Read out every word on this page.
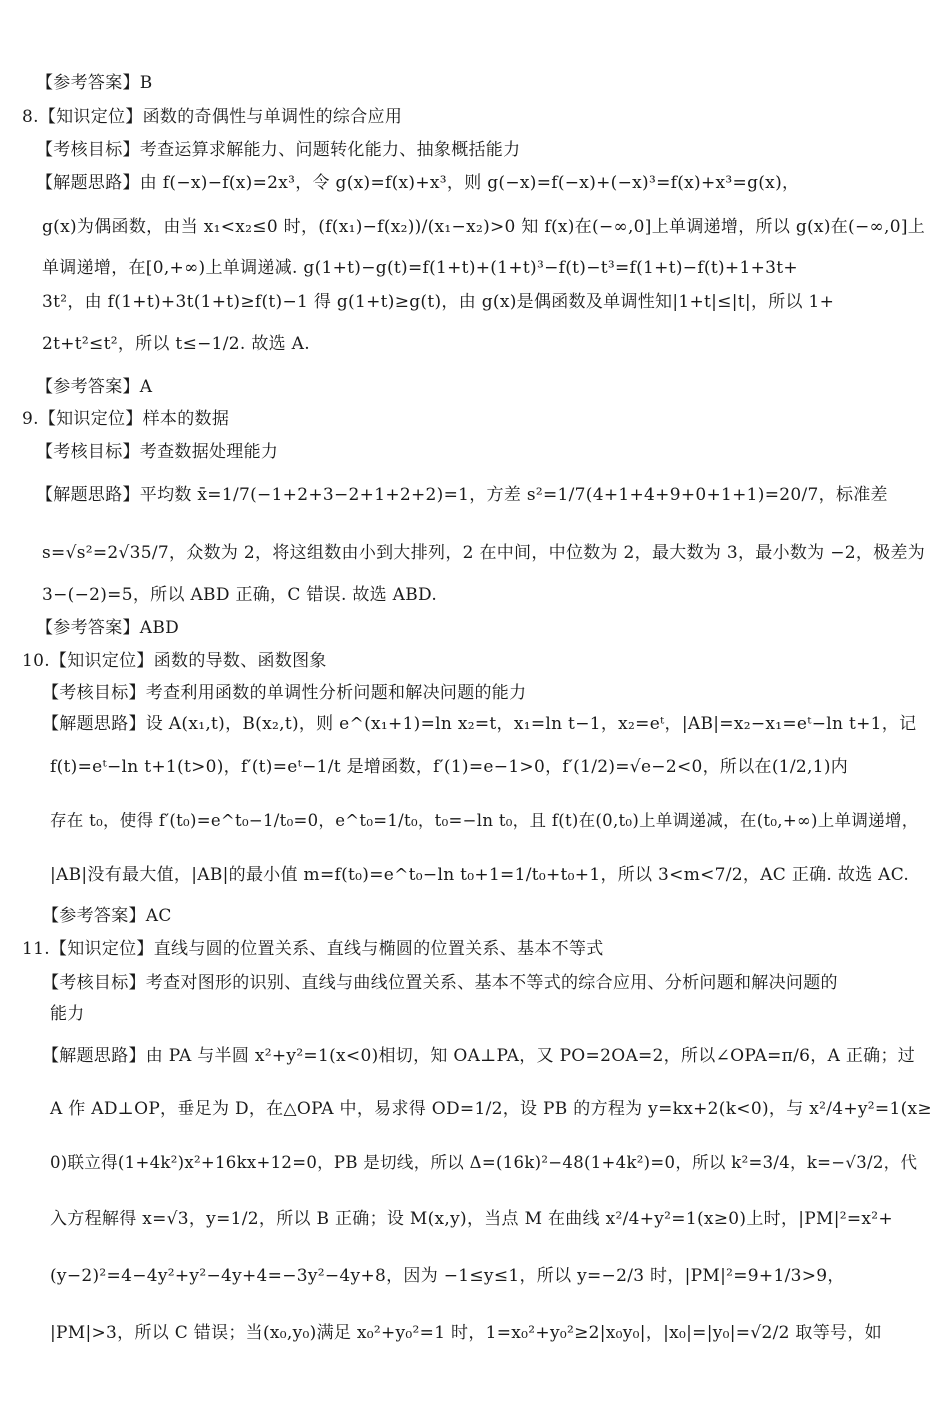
【参考答案】B
8.【知识定位】函数的奇偶性与单调性的综合应用
【考核目标】考查运算求解能力、问题转化能力、抽象概括能力
【解题思路】由 f(−x)−f(x)=2x³，令 g(x)=f(x)+x³，则 g(−x)=f(−x)+(−x)³=f(x)+x³=g(x)，
g(x)为偶函数，由当 x₁<x₂≤0 时，(f(x₁)−f(x₂))/(x₁−x₂)>0 知 f(x)在(−∞,0]上单调递增，所以 g(x)在(−∞,0]上
单调递增，在[0,+∞)上单调递减. g(1+t)−g(t)=f(1+t)+(1+t)³−f(t)−t³=f(1+t)−f(t)+1+3t+
3t²，由 f(1+t)+3t(1+t)≥f(t)−1 得 g(1+t)≥g(t)，由 g(x)是偶函数及单调性知|1+t|≤|t|，所以 1+
2t+t²≤t²，所以 t≤−1/2. 故选 A.
【参考答案】A
9.【知识定位】样本的数据
【考核目标】考查数据处理能力
【解题思路】平均数 x̄=1/7(−1+2+3−2+1+2+2)=1，方差 s²=1/7(4+1+4+9+0+1+1)=20/7，标准差
s=√s²=2√35/7，众数为 2，将这组数由小到大排列，2 在中间，中位数为 2，最大数为 3，最小数为 −2，极差为
3−(−2)=5，所以 ABD 正确，C 错误. 故选 ABD.
【参考答案】ABD
10.【知识定位】函数的导数、函数图象
【考核目标】考查利用函数的单调性分析问题和解决问题的能力
【解题思路】设 A(x₁,t)，B(x₂,t)，则 e^(x₁+1)=ln x₂=t，x₁=ln t−1，x₂=eᵗ，|AB|=x₂−x₁=eᵗ−ln t+1，记
f(t)=eᵗ−ln t+1(t>0)，f′(t)=eᵗ−1/t 是增函数，f′(1)=e−1>0，f′(1/2)=√e−2<0，所以在(1/2,1)内
存在 t₀，使得 f′(t₀)=e^t₀−1/t₀=0，e^t₀=1/t₀，t₀=−ln t₀，且 f(t)在(0,t₀)上单调递减，在(t₀,+∞)上单调递增，
|AB|没有最大值，|AB|的最小值 m=f(t₀)=e^t₀−ln t₀+1=1/t₀+t₀+1，所以 3<m<7/2，AC 正确. 故选 AC.
【参考答案】AC
11.【知识定位】直线与圆的位置关系、直线与椭圆的位置关系、基本不等式
【考核目标】考查对图形的识别、直线与曲线位置关系、基本不等式的综合应用、分析问题和解决问题的
能力
【解题思路】由 PA 与半圆 x²+y²=1(x<0)相切，知 OA⊥PA，又 PO=2OA=2，所以∠OPA=π/6，A 正确；过
A 作 AD⊥OP，垂足为 D，在△OPA 中，易求得 OD=1/2，设 PB 的方程为 y=kx+2(k<0)，与 x²/4+y²=1(x≥
0)联立得(1+4k²)x²+16kx+12=0，PB 是切线，所以 Δ=(16k)²−48(1+4k²)=0，所以 k²=3/4，k=−√3/2，代
入方程解得 x=√3，y=1/2，所以 B 正确；设 M(x,y)，当点 M 在曲线 x²/4+y²=1(x≥0)上时，|PM|²=x²+
(y−2)²=4−4y²+y²−4y+4=−3y²−4y+8，因为 −1≤y≤1，所以 y=−2/3 时，|PM|²=9+1/3>9，
|PM|>3，所以 C 错误；当(x₀,y₀)满足 x₀²+y₀²=1 时，1=x₀²+y₀²≥2|x₀y₀|，|x₀|=|y₀|=√2/2 取等号，如
